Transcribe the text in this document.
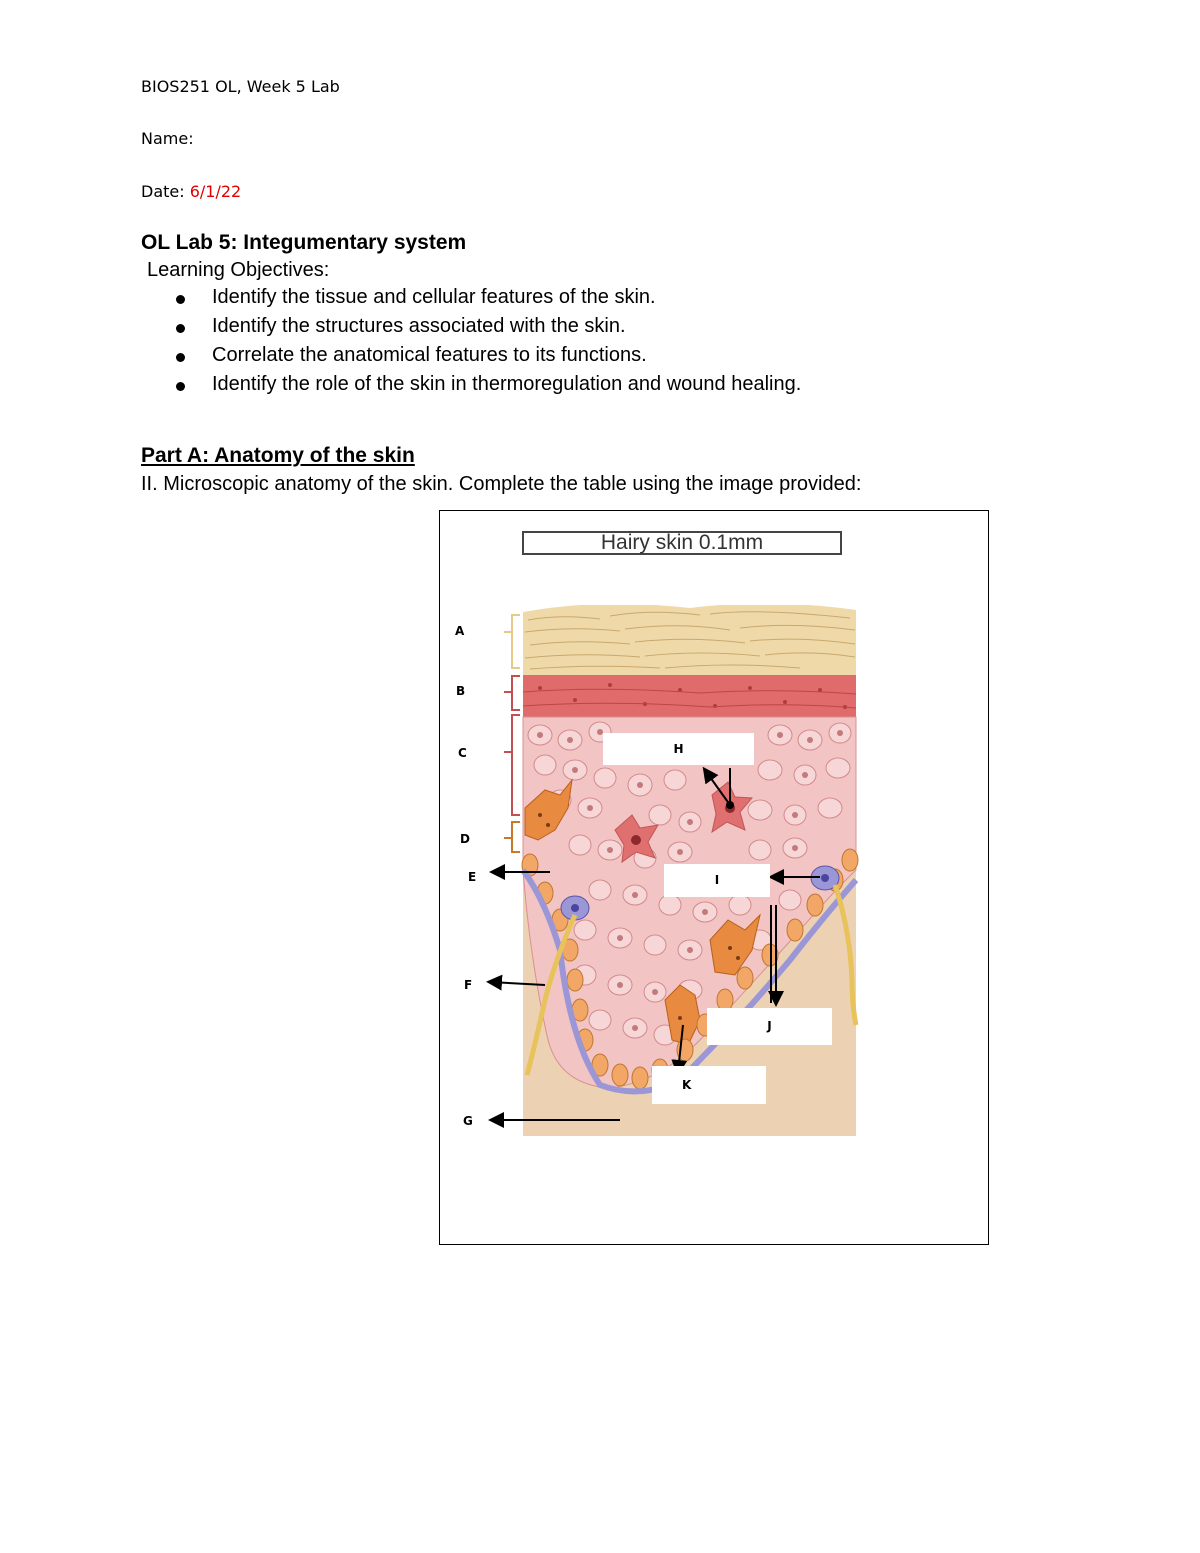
BIOS251 OL, Week 5 Lab
Name:
Date: 6/1/22
OL Lab 5: Integumentary system
Learning Objectives:
Identify the tissue and cellular features of the skin.
Identify the structures associated with the skin.
Correlate the anatomical features to its functions.
Identify the role of the skin in thermoregulation and wound healing.
Part A: Anatomy of the skin
II. Microscopic anatomy of the skin. Complete the table using the image provided:
Hairy skin 0.1mm
A
B
C
D
E
F
G
H
I
J
K
